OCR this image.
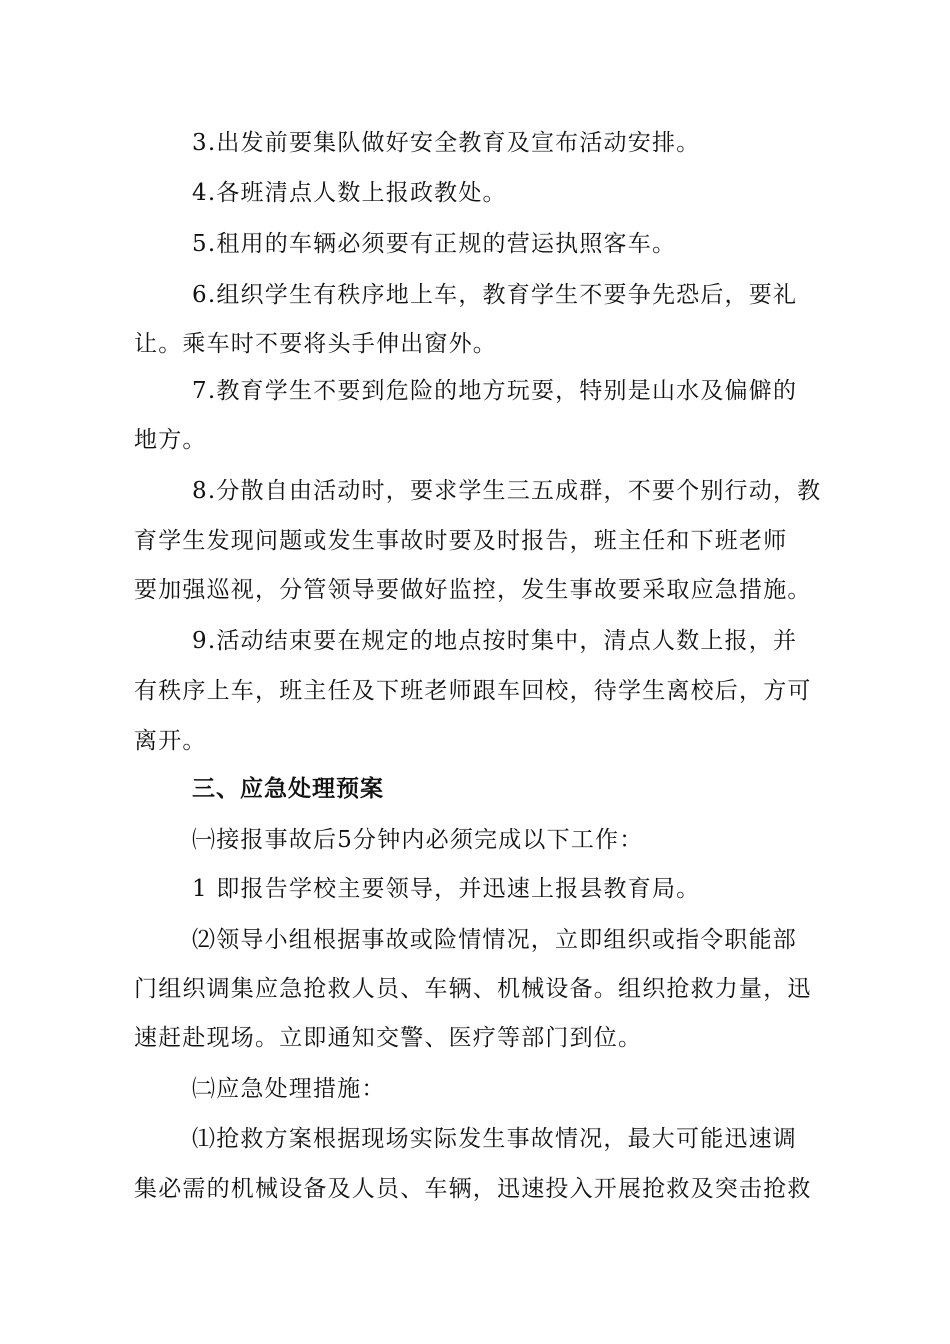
3.出发前要集队做好安全教育及宣布活动安排。
4.各班清点人数上报政教处。
5.租用的车辆必须要有正规的营运执照客车。
6.组织学生有秩序地上车，教育学生不要争先恐后，要礼
让。乘车时不要将头手伸出窗外。
7.教育学生不要到危险的地方玩耍，特别是山水及偏僻的
地方。
8.分散自由活动时，要求学生三五成群，不要个别行动，教
育学生发现问题或发生事故时要及时报告，班主任和下班老师
要加强巡视，分管领导要做好监控，发生事故要采取应急措施。
9.活动结束要在规定的地点按时集中，清点人数上报，并
有秩序上车，班主任及下班老师跟车回校，待学生离校后，方可
离开。
三、应急处理预案
㈠接报事故后5分钟内必须完成以下工作：
1 即报告学校主要领导，并迅速上报县教育局。
⑵领导小组根据事故或险情情况，立即组织或指令职能部
门组织调集应急抢救人员、车辆、机械设备。组织抢救力量，迅
速赶赴现场。立即通知交警、医疗等部门到位。
㈡应急处理措施：
⑴抢救方案根据现场实际发生事故情况，最大可能迅速调
集必需的机械设备及人员、车辆，迅速投入开展抢救及突击抢救
